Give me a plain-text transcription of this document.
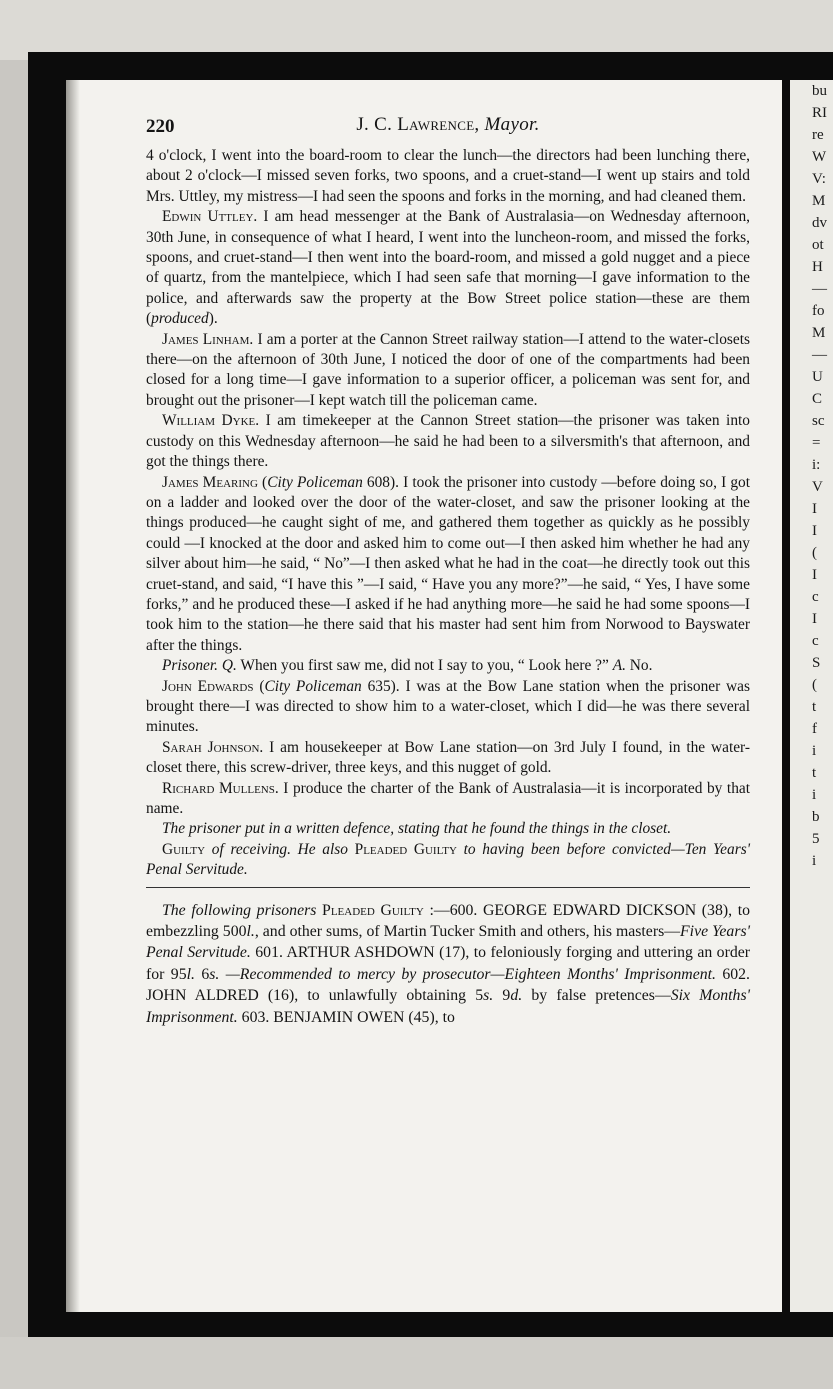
bu
RI
re
W
V:
M
dv
ot
H
—
fo
M
—
U
C
sc
=
i:
V
I
I
(
I
c
I
c
S
(
t
f
i
t
i
b
5
i
220	J. C. Lawrence, Mayor.

4 o'clock, I went into the board-room to clear the lunch—the directors had been lunching there, about 2 o'clock—I missed seven forks, two spoons, and a cruet-stand—I went up stairs and told Mrs. Uttley, my mistress—I had seen the spoons and forks in the morning, and had cleaned them.

Edwin Uttley. I am head messenger at the Bank of Australasia—on Wednesday afternoon, 30th June, in consequence of what I heard, I went into the luncheon-room, and missed the forks, spoons, and cruet-stand—I then went into the board-room, and missed a gold nugget and a piece of quartz, from the mantelpiece, which I had seen safe that morning—I gave information to the police, and afterwards saw the property at the Bow Street police station—these are them (produced).

James Linham. I am a porter at the Cannon Street railway station—I attend to the water-closets there—on the afternoon of 30th June, I noticed the door of one of the compartments had been closed for a long time—I gave information to a superior officer, a policeman was sent for, and brought out the prisoner—I kept watch till the policeman came.

William Dyke. I am timekeeper at the Cannon Street station—the prisoner was taken into custody on this Wednesday afternoon—he said he had been to a silversmith's that afternoon, and got the things there.

James Mearing (City Policeman 608). I took the prisoner into custody —before doing so, I got on a ladder and looked over the door of the water-closet, and saw the prisoner looking at the things produced—he caught sight of me, and gathered them together as quickly as he possibly could —I knocked at the door and asked him to come out—I then asked him whether he had any silver about him—he said, “ No”—I then asked what he had in the coat—he directly took out this cruet-stand, and said, “I have this ”—I said, “ Have you any more?”—he said, “ Yes, I have some forks,” and he produced these—I asked if he had anything more—he said he had some spoons—I took him to the station—he there said that his master had sent him from Norwood to Bayswater after the things.

Prisoner. Q. When you first saw me, did not I say to you, “ Look here ?” A. No.

John Edwards (City Policeman 635). I was at the Bow Lane station when the prisoner was brought there—I was directed to show him to a water-closet, which I did—he was there several minutes.

Sarah Johnson. I am housekeeper at Bow Lane station—on 3rd July I found, in the water-closet there, this screw-driver, three keys, and this nugget of gold.

Richard Mullens. I produce the charter of the Bank of Australasia—it is incorporated by that name.

The prisoner put in a written defence, stating that he found the things in the closet.

Guilty of receiving. He also Pleaded Guilty to having been before convicted—Ten Years' Penal Servitude.

The following prisoners Pleaded Guilty :—600. GEORGE EDWARD DICKSON (38), to embezzling 500l., and other sums, of Martin Tucker Smith and others, his masters—Five Years' Penal Servitude. 601. ARTHUR ASHDOWN (17), to feloniously forging and uttering an order for 95l. 6s. —Recommended to mercy by prosecutor—Eighteen Months' Imprisonment. 602. JOHN ALDRED (16), to unlawfully obtaining 5s. 9d. by false pretences—Six Months' Imprisonment. 603. BENJAMIN OWEN (45), to
